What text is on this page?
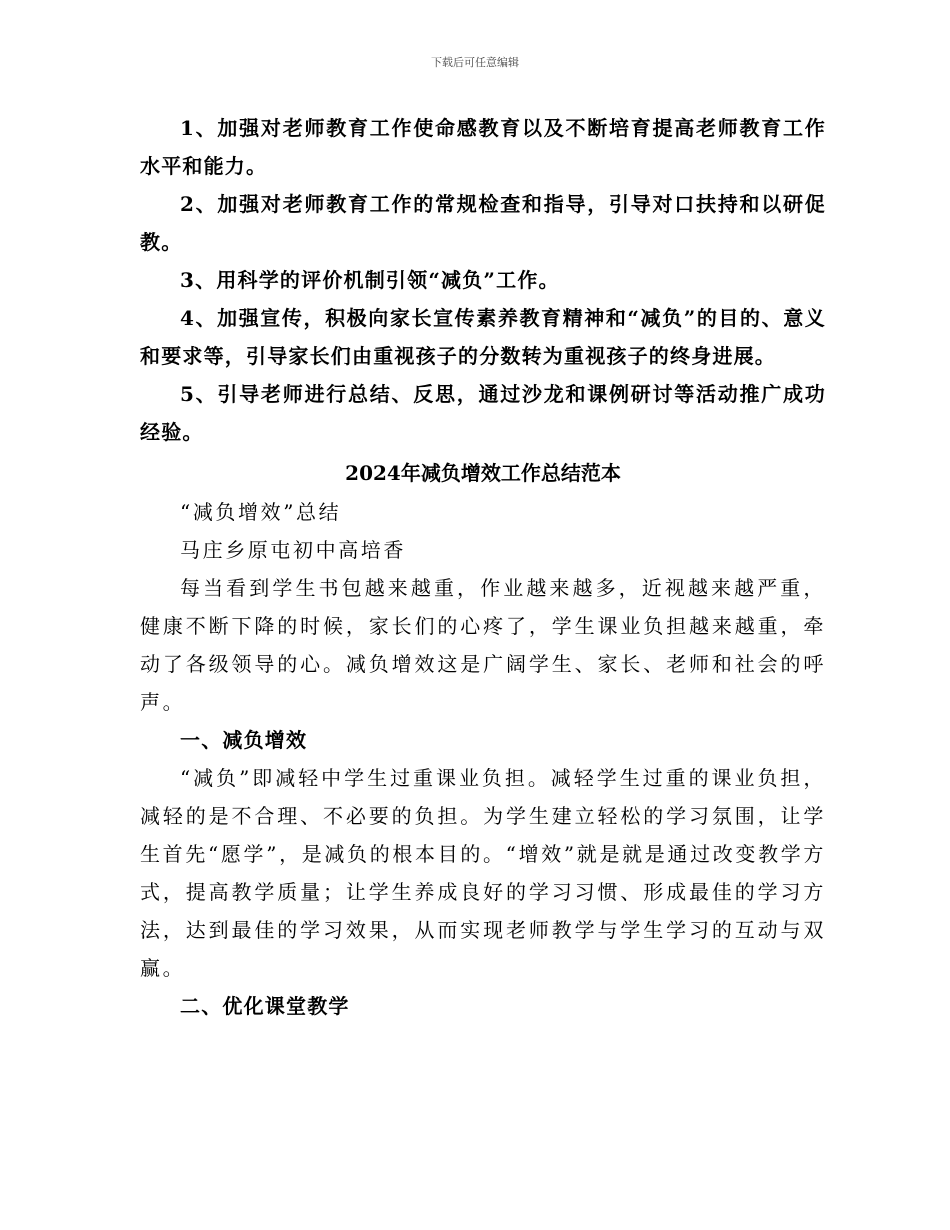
下载后可任意编辑

1、加强对老师教育工作使命感教育以及不断培育提高老师教育工作水平和能力。

2、加强对老师教育工作的常规检查和指导，引导对口扶持和以研促教。

3、用科学的评价机制引领“减负”工作。

4、加强宣传，积极向家长宣传素养教育精神和“减负”的目的、意义和要求等，引导家长们由重视孩子的分数转为重视孩子的终身进展。

5、引导老师进行总结、反思，通过沙龙和课例研讨等活动推广成功经验。

2024年减负增效工作总结范本

“减负增效”总结

马庄乡原屯初中高培香

每当看到学生书包越来越重，作业越来越多，近视越来越严重，健康不断下降的时候，家长们的心疼了，学生课业负担越来越重，牵动了各级领导的心。减负增效这是广阔学生、家长、老师和社会的呼声。

一、减负增效

“减负”即减轻中学生过重课业负担。减轻学生过重的课业负担，减轻的是不合理、不必要的负担。为学生建立轻松的学习氛围，让学生首先“愿学”，是减负的根本目的。“增效”就是就是通过改变教学方式，提高教学质量；让学生养成良好的学习习惯、形成最佳的学习方法，达到最佳的学习效果，从而实现老师教学与学生学习的互动与双赢。

二、优化课堂教学
